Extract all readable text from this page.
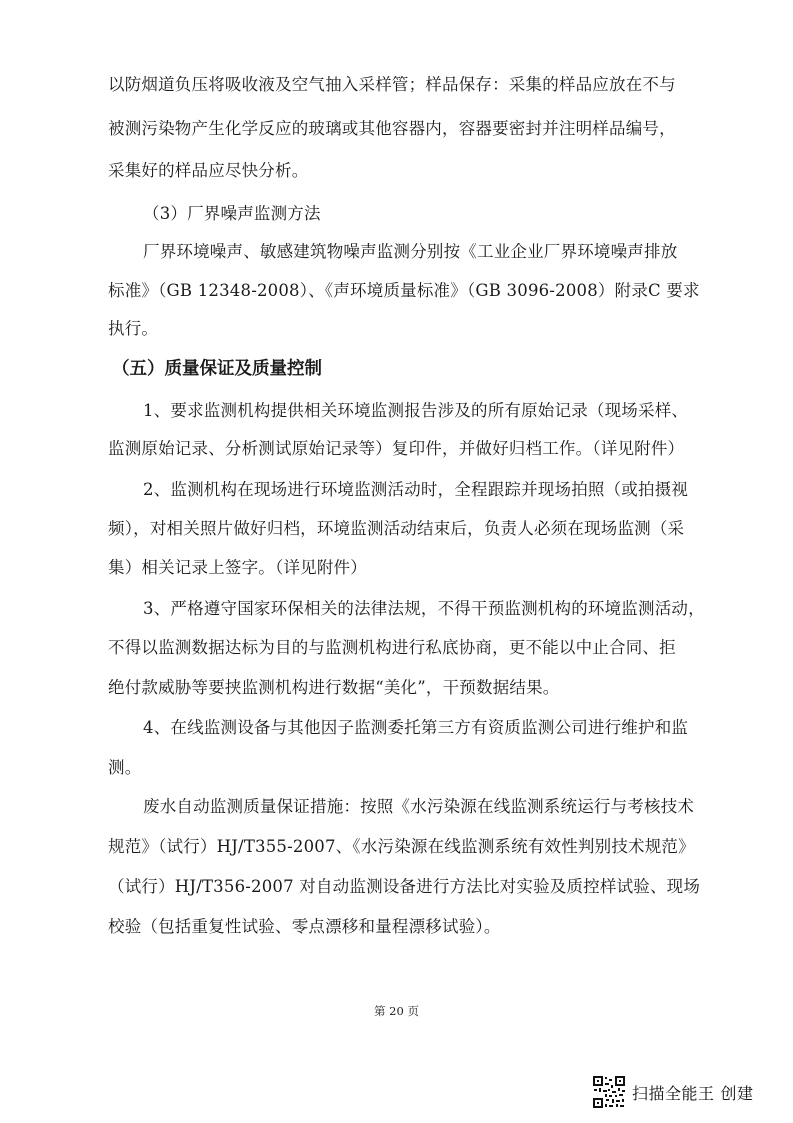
以防烟道负压将吸收液及空气抽入采样管；样品保存：采集的样品应放在不与
被测污染物产生化学反应的玻璃或其他容器内，容器要密封并注明样品编号，
采集好的样品应尽快分析。
（3）厂界噪声监测方法
厂界环境噪声、敏感建筑物噪声监测分别按《工业企业厂界环境噪声排放
标准》（GB 12348-2008）、《声环境质量标准》（GB 3096-2008）附录C 要求
执行。
（五）质量保证及质量控制
1、要求监测机构提供相关环境监测报告涉及的所有原始记录（现场采样、
监测原始记录、分析测试原始记录等）复印件，并做好归档工作。（详见附件）
2、监测机构在现场进行环境监测活动时，全程跟踪并现场拍照（或拍摄视
频），对相关照片做好归档，环境监测活动结束后，负责人必须在现场监测（采
集）相关记录上签字。（详见附件）
3、严格遵守国家环保相关的法律法规，不得干预监测机构的环境监测活动，
不得以监测数据达标为目的与监测机构进行私底协商，更不能以中止合同、拒
绝付款威胁等要挟监测机构进行数据“美化”，干预数据结果。
4、在线监测设备与其他因子监测委托第三方有资质监测公司进行维护和监
测。
废水自动监测质量保证措施：按照《水污染源在线监测系统运行与考核技术
规范》（试行）HJ/T355-2007、《水污染源在线监测系统有效性判别技术规范》
（试行）HJ/T356-2007 对自动监测设备进行方法比对实验及质控样试验、现场
校验（包括重复性试验、零点漂移和量程漂移试验）。
第 20 页
扫描全能王 创建
